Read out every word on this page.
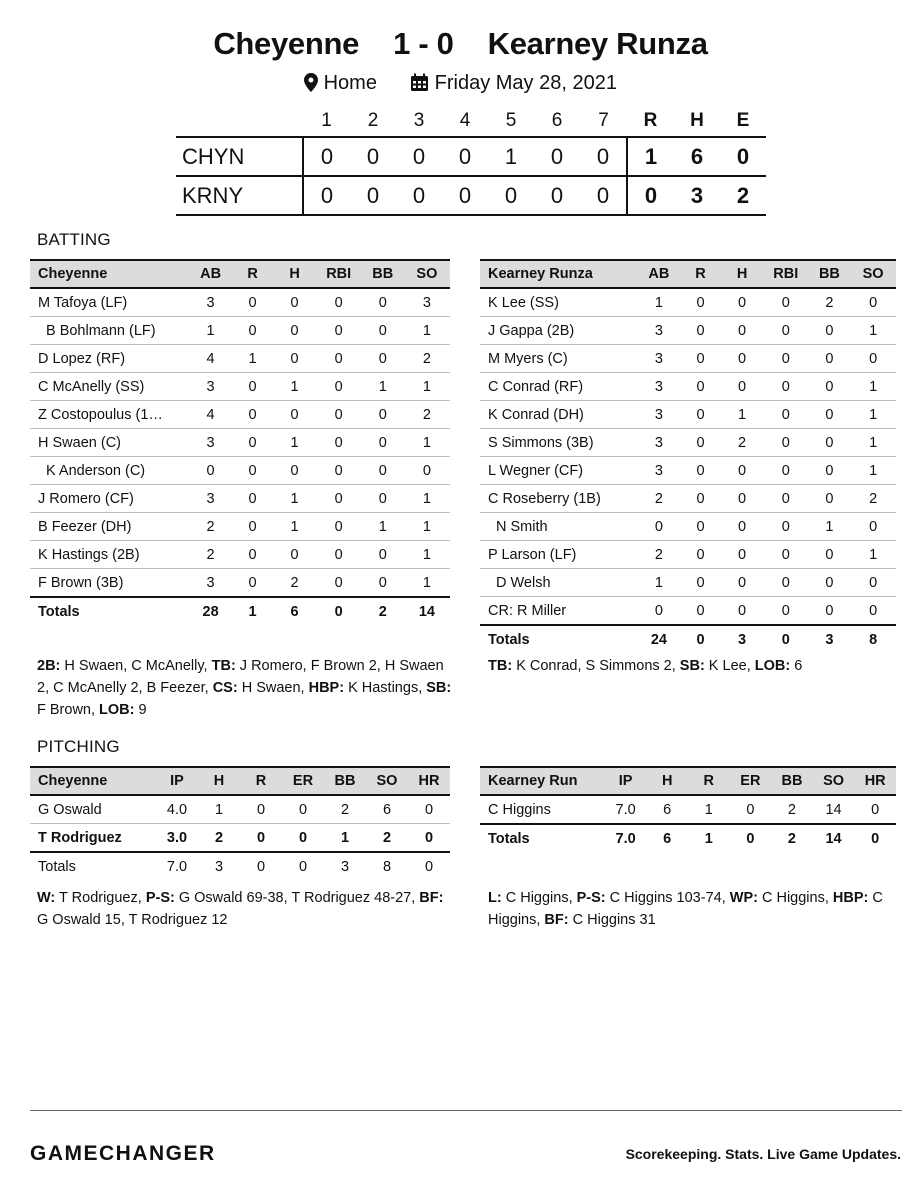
Cheyenne 1 - 0 Kearney Runza
Home	Friday May 28, 2021
	1	2	3	4	5	6	7	R	H	E
CHYN	0	0	0	0	1	0	0	1	6	0
KRNY	0	0	0	0	0	0	0	0	3	2
BATTING
Cheyenne	AB	R	H	RBI	BB	SO
M Tafoya (LF)	3	0	0	0	0	3
B Bohlmann (LF)	1	0	0	0	0	1
D Lopez (RF)	4	1	0	0	0	2
C McAnelly (SS)	3	0	1	0	1	1
Z Costopoulus (1…	4	0	0	0	0	2
H Swaen (C)	3	0	1	0	0	1
K Anderson (C)	0	0	0	0	0	0
J Romero (CF)	3	0	1	0	0	1
B Feezer (DH)	2	0	1	0	1	1
K Hastings (2B)	2	0	0	0	0	1
F Brown (3B)	3	0	2	0	0	1
Totals	28	1	6	0	2	14
Kearney Runza	AB	R	H	RBI	BB	SO
K Lee (SS)	1	0	0	0	2	0
J Gappa (2B)	3	0	0	0	0	1
M Myers (C)	3	0	0	0	0	0
C Conrad (RF)	3	0	0	0	0	1
K Conrad (DH)	3	0	1	0	0	1
S Simmons (3B)	3	0	2	0	0	1
L Wegner (CF)	3	0	0	0	0	1
C Roseberry (1B)	2	0	0	0	0	2
N Smith	0	0	0	0	1	0
P Larson (LF)	2	0	0	0	0	1
D Welsh	1	0	0	0	0	0
CR: R Miller	0	0	0	0	0	0
Totals	24	0	3	0	3	8
2B: H Swaen, C McAnelly, TB: J Romero, F Brown 2, H Swaen 2, C McAnelly 2, B Feezer, CS: H Swaen, HBP: K Hastings, SB: F Brown, LOB: 9
TB: K Conrad, S Simmons 2, SB: K Lee, LOB: 6
PITCHING
Cheyenne	IP	H	R	ER	BB	SO	HR
G Oswald	4.0	1	0	0	2	6	0
T Rodriguez	3.0	2	0	0	1	2	0
Totals	7.0	3	0	0	3	8	0
Kearney Run	IP	H	R	ER	BB	SO	HR
C Higgins	7.0	6	1	0	2	14	0
Totals	7.0	6	1	0	2	14	0
W: T Rodriguez, P-S: G Oswald 69-38, T Rodriguez 48-27, BF: G Oswald 15, T Rodriguez 12
L: C Higgins, P-S: C Higgins 103-74, WP: C Higgins, HBP: C Higgins, BF: C Higgins 31
GAMECHANGER	Scorekeeping. Stats. Live Game Updates.
